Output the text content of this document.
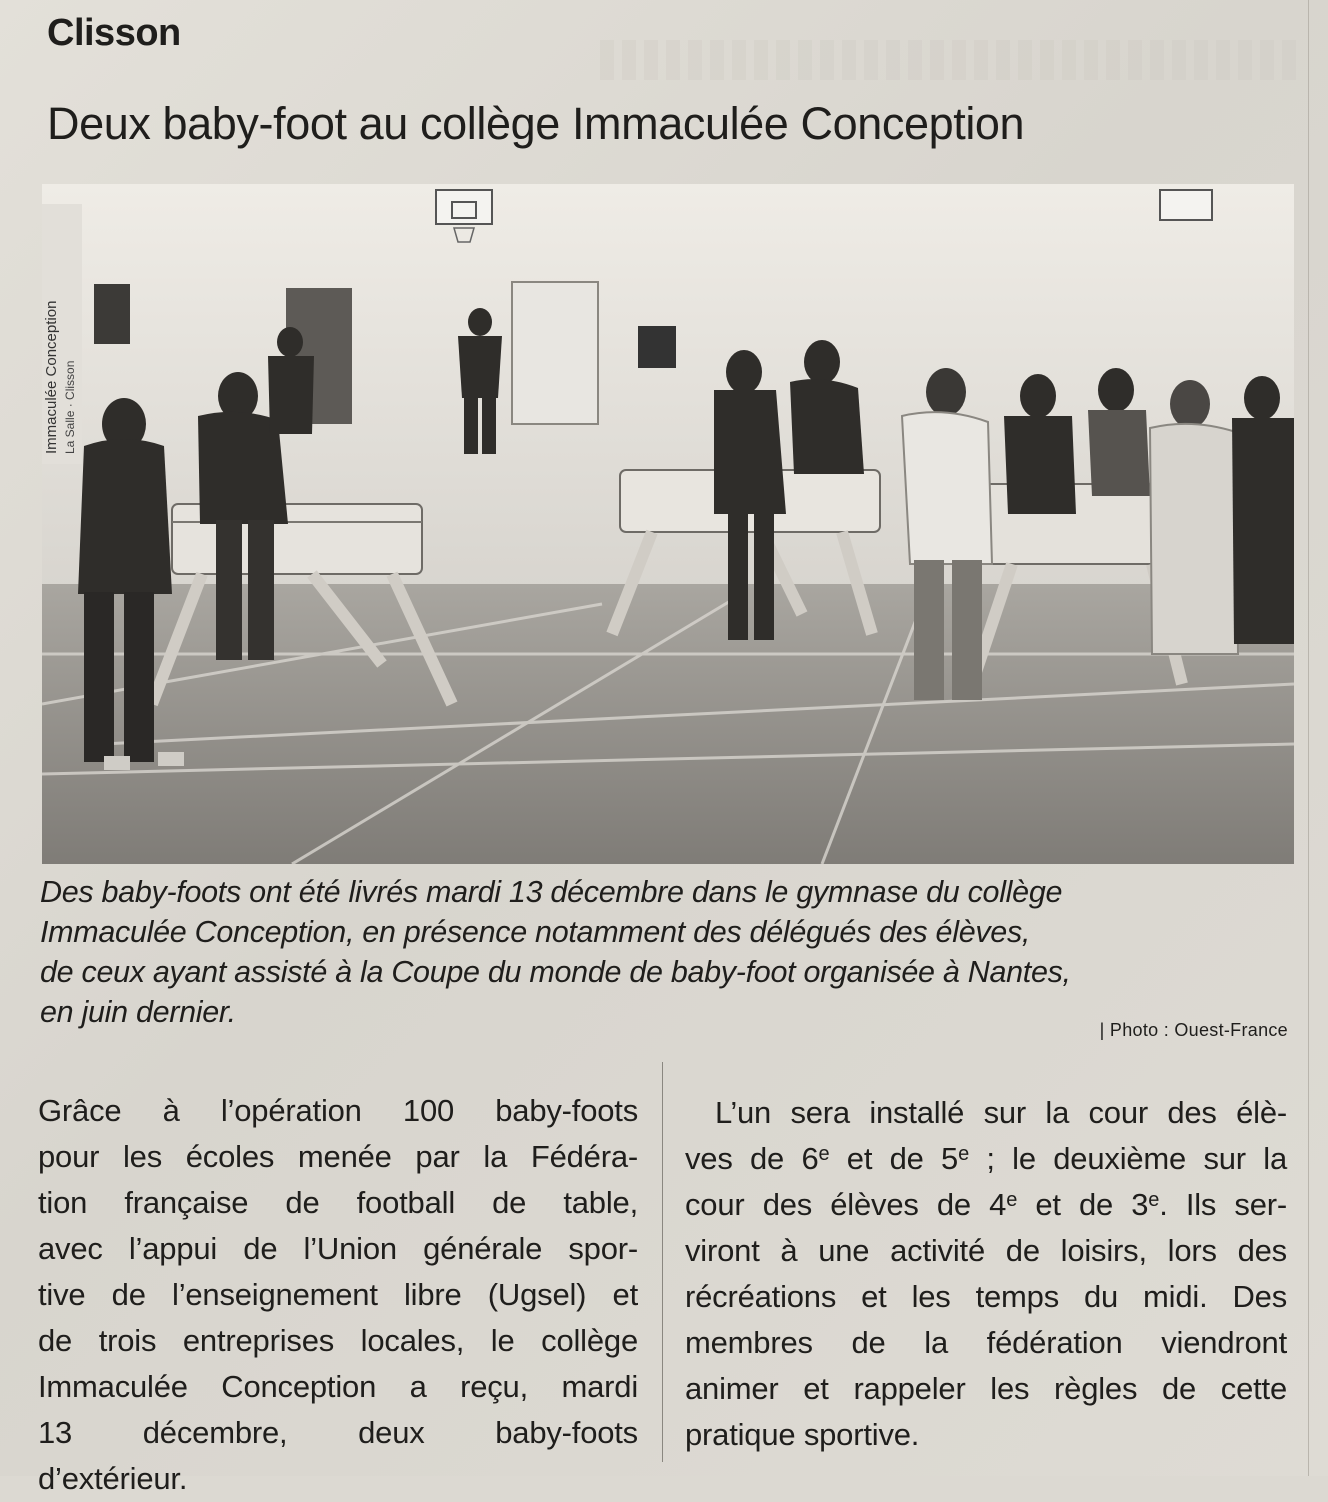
Clisson
Deux baby-foot au collège Immaculée Conception
Immaculée Conception La Salle · Clisson
Des baby-foots ont été livrés mardi 13 décembre dans le gymnase du collège
Immaculée Conception, en présence notamment des délégués des élèves,
de ceux ayant assisté à la Coupe du monde de baby-foot organisée à Nantes,
en juin dernier.
| Photo : Ouest-France
Grâce à l’opération 100 baby-foots
pour les écoles menée par la Fédéra-
tion française de football de table,
avec l’appui de l’Union générale spor-
tive de l’enseignement libre (Ugsel) et
de trois entreprises locales, le collège
Immaculée Conception a reçu, mardi
13 décembre, deux baby-foots
d’extérieur.
L’un sera installé sur la cour des élè-
ves de 6e et de 5e ; le deuxième sur la
cour des élèves de 4e et de 3e. Ils ser-
viront à une activité de loisirs, lors des
récréations et les temps du midi. Des
membres de la fédération viendront
animer et rappeler les règles de cette
pratique sportive.
